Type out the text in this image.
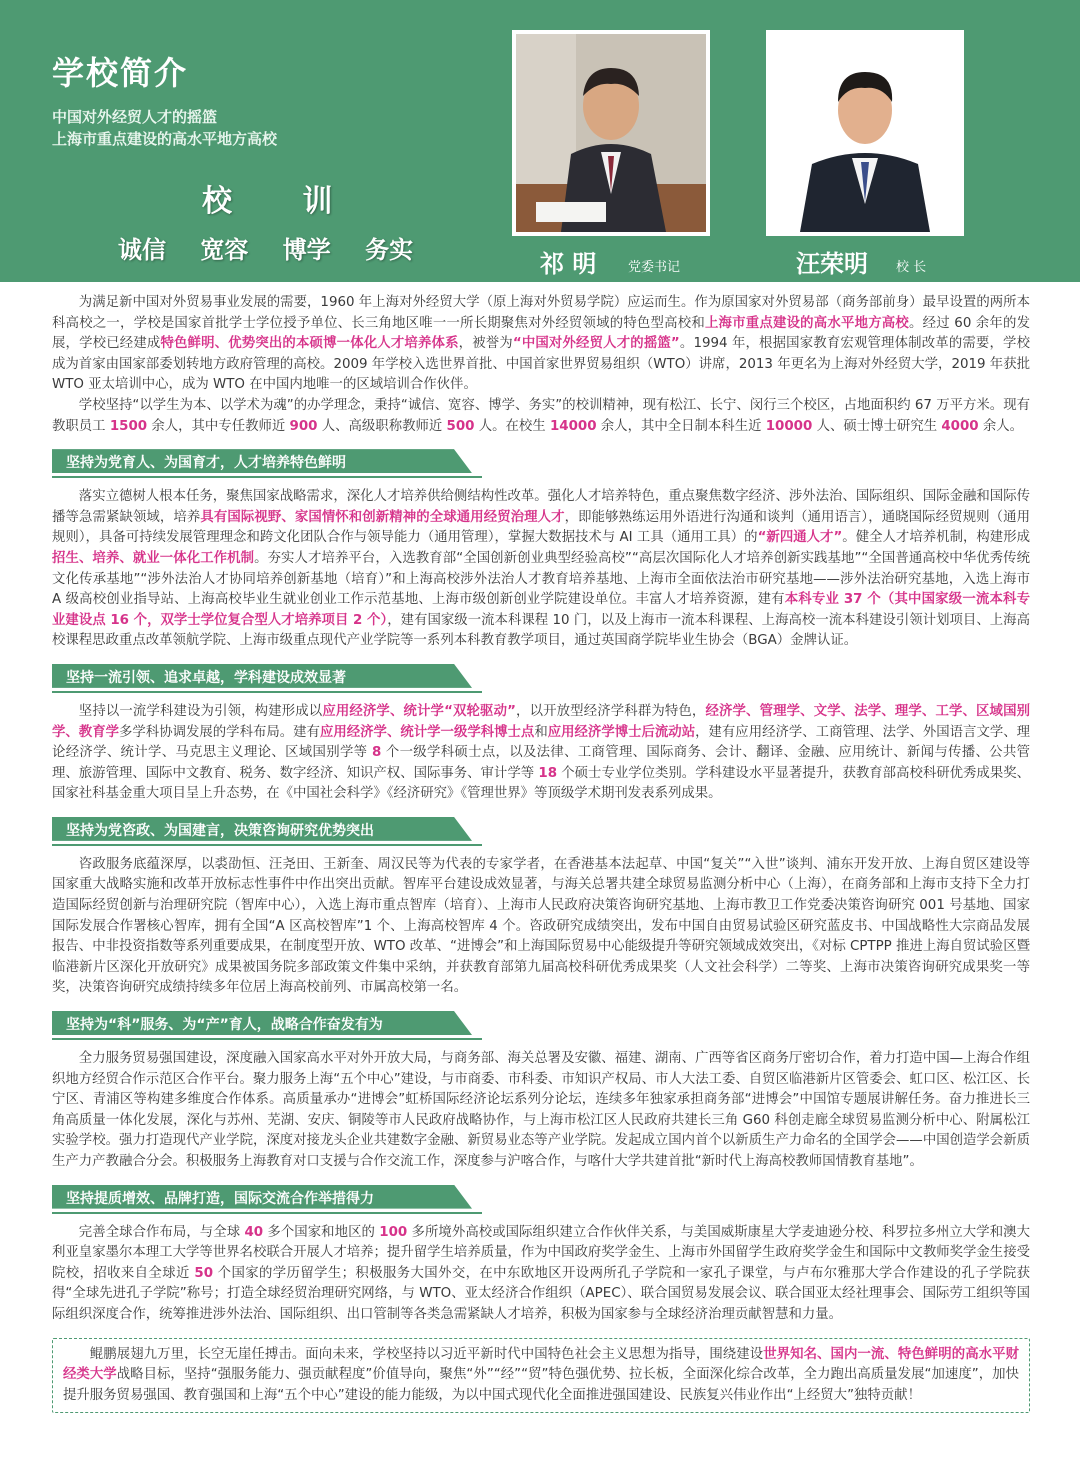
学校简介
中国对外经贸人才的摇篮
上海市重点建设的高水平地方高校
校 训
诚信 宽容 博学 务实	祁 明 党委书记	汪荣明 校 长

为满足新中国对外贸易事业发展的需要，1960 年上海对外经贸大学（原上海对外贸易学院）应运而生。作为原国家对外贸易部（商务部前身）最早设置的两所本科高校之一，学校是国家首批学士学位授予单位、长三角地区唯一一所长期聚焦对外经贸领域的特色型高校和上海市重点建设的高水平地方高校。经过 60 余年的发展，学校已经建成特色鲜明、优势突出的本硕博一体化人才培养体系，被誉为“中国对外经贸人才的摇篮”。1994 年，根据国家教育宏观管理体制改革的需要，学校成为首家由国家部委划转地方政府管理的高校。2009 年学校入选世界首批、中国首家世界贸易组织（WTO）讲席，2013 年更名为上海对外经贸大学，2019 年获批 WTO 亚太培训中心，成为 WTO 在中国内地唯一的区域培训合作伙伴。

学校坚持“以学生为本、以学术为魂”的办学理念，秉持“诚信、宽容、博学、务实”的校训精神，现有松江、长宁、闵行三个校区，占地面积约 67 万平方米。现有教职员工 1500 余人，其中专任教师近 900 人、高级职称教师近 500 人。在校生 14000 余人，其中全日制本科生近 10000 人、硕士博士研究生 4000 余人。

坚持为党育人、为国育才，人才培养特色鲜明

落实立德树人根本任务，聚焦国家战略需求，深化人才培养供给侧结构性改革。强化人才培养特色，重点聚焦数字经济、涉外法治、国际组织、国际金融和国际传播等急需紧缺领域，培养具有国际视野、家国情怀和创新精神的全球通用经贸治理人才，即能够熟练运用外语进行沟通和谈判（通用语言），通晓国际经贸规则（通用规则），具备可持续发展管理理念和跨文化团队合作与领导能力（通用管理），掌握大数据技术与 AI 工具（通用工具）的“新四通人才”。健全人才培养机制，构建形成招生、培养、就业一体化工作机制。夯实人才培养平台，入选教育部“全国创新创业典型经验高校”“高层次国际化人才培养创新实践基地”“全国普通高校中华优秀传统文化传承基地”“涉外法治人才协同培养创新基地（培育）”和上海高校涉外法治人才教育培养基地、上海市全面依法治市研究基地——涉外法治研究基地，入选上海市 A 级高校创业指导站、上海高校毕业生就业创业工作示范基地、上海市级创新创业学院建设单位。丰富人才培养资源，建有本科专业 37 个（其中国家级一流本科专业建设点 16 个，双学士学位复合型人才培养项目 2 个），建有国家级一流本科课程 10 门，以及上海市一流本科课程、上海高校一流本科建设引领计划项目、上海高校课程思政重点改革领航学院、上海市级重点现代产业学院等一系列本科教育教学项目，通过英国商学院毕业生协会（BGA）金牌认证。

坚持一流引领、追求卓越，学科建设成效显著

坚持以一流学科建设为引领，构建形成以应用经济学、统计学“双轮驱动”，以开放型经济学科群为特色，经济学、管理学、文学、法学、理学、工学、区域国别学、教育学多学科协调发展的学科布局。建有应用经济学、统计学一级学科博士点和应用经济学博士后流动站，建有应用经济学、工商管理、法学、外国语言文学、理论经济学、统计学、马克思主义理论、区域国别学等 8 个一级学科硕士点，以及法律、工商管理、国际商务、会计、翻译、金融、应用统计、新闻与传播、公共管理、旅游管理、国际中文教育、税务、数字经济、知识产权、国际事务、审计学等 18 个硕士专业学位类别。学科建设水平显著提升，获教育部高校科研优秀成果奖、国家社科基金重大项目呈上升态势，在《中国社会科学》《经济研究》《管理世界》等顶级学术期刊发表系列成果。

坚持为党咨政、为国建言，决策咨询研究优势突出

咨政服务底蕴深厚，以裘劭恒、汪尧田、王新奎、周汉民等为代表的专家学者，在香港基本法起草、中国“复关”“入世”谈判、浦东开发开放、上海自贸区建设等国家重大战略实施和改革开放标志性事件中作出突出贡献。智库平台建设成效显著，与海关总署共建全球贸易监测分析中心（上海），在商务部和上海市支持下全力打造国际经贸创新与治理研究院（智库中心），入选上海市重点智库（培育）、上海市人民政府决策咨询研究基地、上海市教卫工作党委决策咨询研究 001 号基地、国家国际发展合作署核心智库，拥有全国“A 区高校智库”1 个、上海高校智库 4 个。咨政研究成绩突出，发布中国自由贸易试验区研究蓝皮书、中国战略性大宗商品发展报告、中非投资指数等系列重要成果，在制度型开放、WTO 改革、“进博会”和上海国际贸易中心能级提升等研究领域成效突出，《对标 CPTPP 推进上海自贸试验区暨临港新片区深化开放研究》成果被国务院多部政策文件集中采纳，并获教育部第九届高校科研优秀成果奖（人文社会科学）二等奖、上海市决策咨询研究成果奖一等奖，决策咨询研究成绩持续多年位居上海高校前列、市属高校第一名。

坚持为“科”服务、为“产”育人，战略合作奋发有为

全力服务贸易强国建设，深度融入国家高水平对外开放大局，与商务部、海关总署及安徽、福建、湖南、广西等省区商务厅密切合作，着力打造中国—上海合作组织地方经贸合作示范区合作平台。聚力服务上海“五个中心”建设，与市商委、市科委、市知识产权局、市人大法工委、自贸区临港新片区管委会、虹口区、松江区、长宁区、青浦区等构建多维度合作体系。高质量承办“进博会”虹桥国际经济论坛系列分论坛，连续多年独家承担商务部“进博会”中国馆专题展讲解任务。奋力推进长三角高质量一体化发展，深化与苏州、芜湖、安庆、铜陵等市人民政府战略协作，与上海市松江区人民政府共建长三角 G60 科创走廊全球贸易监测分析中心、附属松江实验学校。强力打造现代产业学院，深度对接龙头企业共建数字金融、新贸易业态等产业学院。发起成立国内首个以新质生产力命名的全国学会——中国创造学会新质生产力产教融合分会。积极服务上海教育对口支援与合作交流工作，深度参与沪喀合作，与喀什大学共建首批“新时代上海高校教师国情教育基地”。

坚持提质增效、品牌打造，国际交流合作举措得力

完善全球合作布局，与全球 40 多个国家和地区的 100 多所境外高校或国际组织建立合作伙伴关系，与美国威斯康星大学麦迪逊分校、科罗拉多州立大学和澳大利亚皇家墨尔本理工大学等世界名校联合开展人才培养；提升留学生培养质量，作为中国政府奖学金生、上海市外国留学生政府奖学金生和国际中文教师奖学金生接受院校，招收来自全球近 50 个国家的学历留学生；积极服务大国外交，在中东欧地区开设两所孔子学院和一家孔子课堂，与卢布尔雅那大学合作建设的孔子学院获得“全球先进孔子学院”称号；打造全球经贸治理研究网络，与 WTO、亚太经济合作组织（APEC）、联合国贸易发展会议、联合国亚太经社理事会、国际劳工组织等国际组织深度合作，统筹推进涉外法治、国际组织、出口管制等各类急需紧缺人才培养，积极为国家参与全球经济治理贡献智慧和力量。

鲲鹏展翅九万里，长空无崖任搏击。面向未来，学校坚持以习近平新时代中国特色社会主义思想为指导，围绕建设世界知名、国内一流、特色鲜明的高水平财经类大学战略目标，坚持“强服务能力、强贡献程度”价值导向，聚焦“外”“经”“贸”特色强优势、拉长板，全面深化综合改革，全力跑出高质量发展“加速度”，加快提升服务贸易强国、教育强国和上海“五个中心”建设的能力能级，为以中国式现代化全面推进强国建设、民族复兴伟业作出“上经贸大”独特贡献！
